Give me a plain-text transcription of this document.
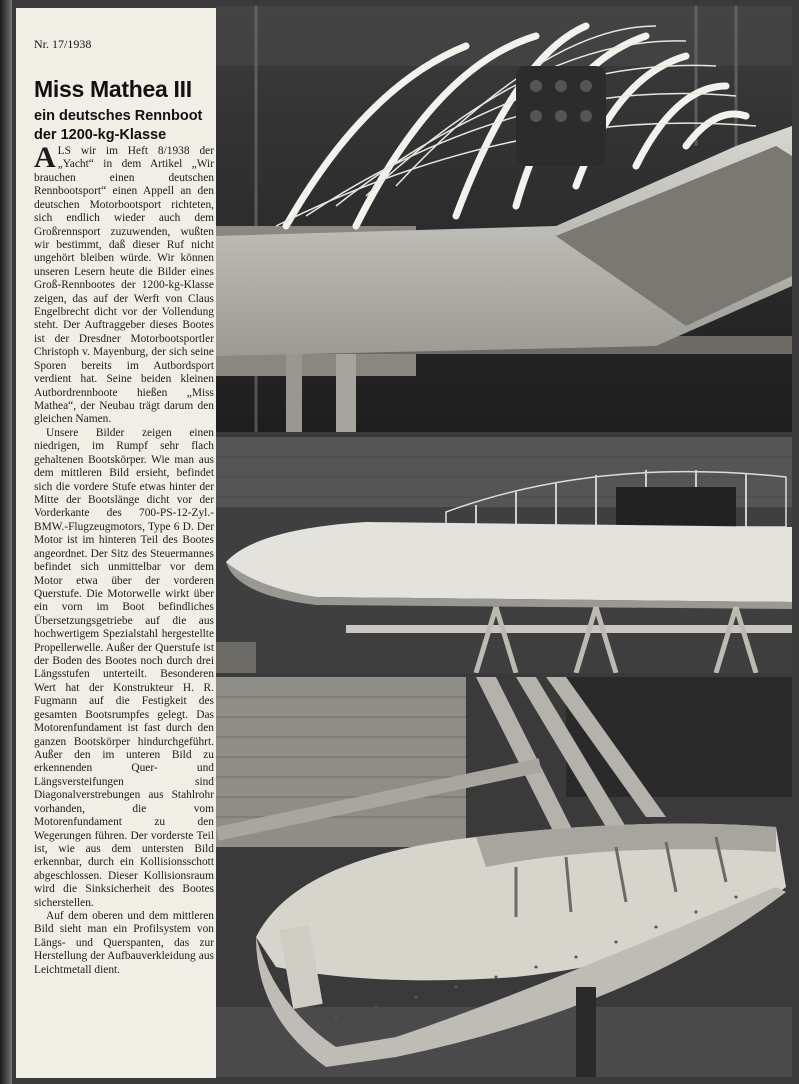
Nr. 17/1938
Miss Mathea III
ein deutsches Rennboot der 1200-kg-Klasse

ALS wir im Heft 8/1938 der „Yacht“ in dem Artikel „Wir brauchen einen deutschen Rennbootsport“ einen Appell an den deutschen Motorbootsport richteten, sich endlich wieder auch dem Großrennsport zuzuwenden, wußten wir bestimmt, daß dieser Ruf nicht ungehört bleiben würde. Wir können unseren Lesern heute die Bilder eines Groß-Rennbootes der 1200-kg-Klasse zeigen, das auf der Werft von Claus Engelbrecht dicht vor der Vollendung steht. Der Auftraggeber dieses Bootes ist der Dresdner Motorbootsportler Christoph v. Mayenburg, der sich seine Sporen bereits im Autbordsport verdient hat. Seine beiden kleinen Autbordrennboote hießen „Miss Mathea“, der Neubau trägt darum den gleichen Namen.

Unsere Bilder zeigen einen niedrigen, im Rumpf sehr flach gehaltenen Bootskörper. Wie man aus dem mittleren Bild ersieht, befindet sich die vordere Stufe etwas hinter der Mitte der Bootslänge dicht vor der Vorderkante des 700-PS-12-Zyl.-BMW.-Flugzeugmotors, Type 6 D. Der Motor ist im hinteren Teil des Bootes angeordnet. Der Sitz des Steuermannes befindet sich unmittelbar vor dem Motor etwa über der vorderen Querstufe. Die Motorwelle wirkt über ein vorn im Boot befindliches Übersetzungsgetriebe auf die aus hochwertigem Spezialstahl hergestellte Propellerwelle. Außer der Querstufe ist der Boden des Bootes noch durch drei Längsstufen unterteilt. Besonderen Wert hat der Konstrukteur H. R. Fugmann auf die Festigkeit des gesamten Bootsrumpfes gelegt. Das Motorenfundament ist fast durch den ganzen Bootskörper hindurchgeführt. Außer den im unteren Bild zu erkennenden Quer- und Längsversteifungen sind Diagonalverstrebungen aus Stahlrohr vorhanden, die vom Motorenfundament zu den Wegerungen führen. Der vorderste Teil ist, wie aus dem untersten Bild erkennbar, durch ein Kollisionsschott abgeschlossen. Dieser Kollisionsraum wird die Sinksicherheit des Bootes sicherstellen.

Auf dem oberen und dem mittleren Bild sieht man ein Profilsystem von Längs- und Querspanten, das zur Herstellung der Aufbauverkleidung aus Leichtmetall dient.
